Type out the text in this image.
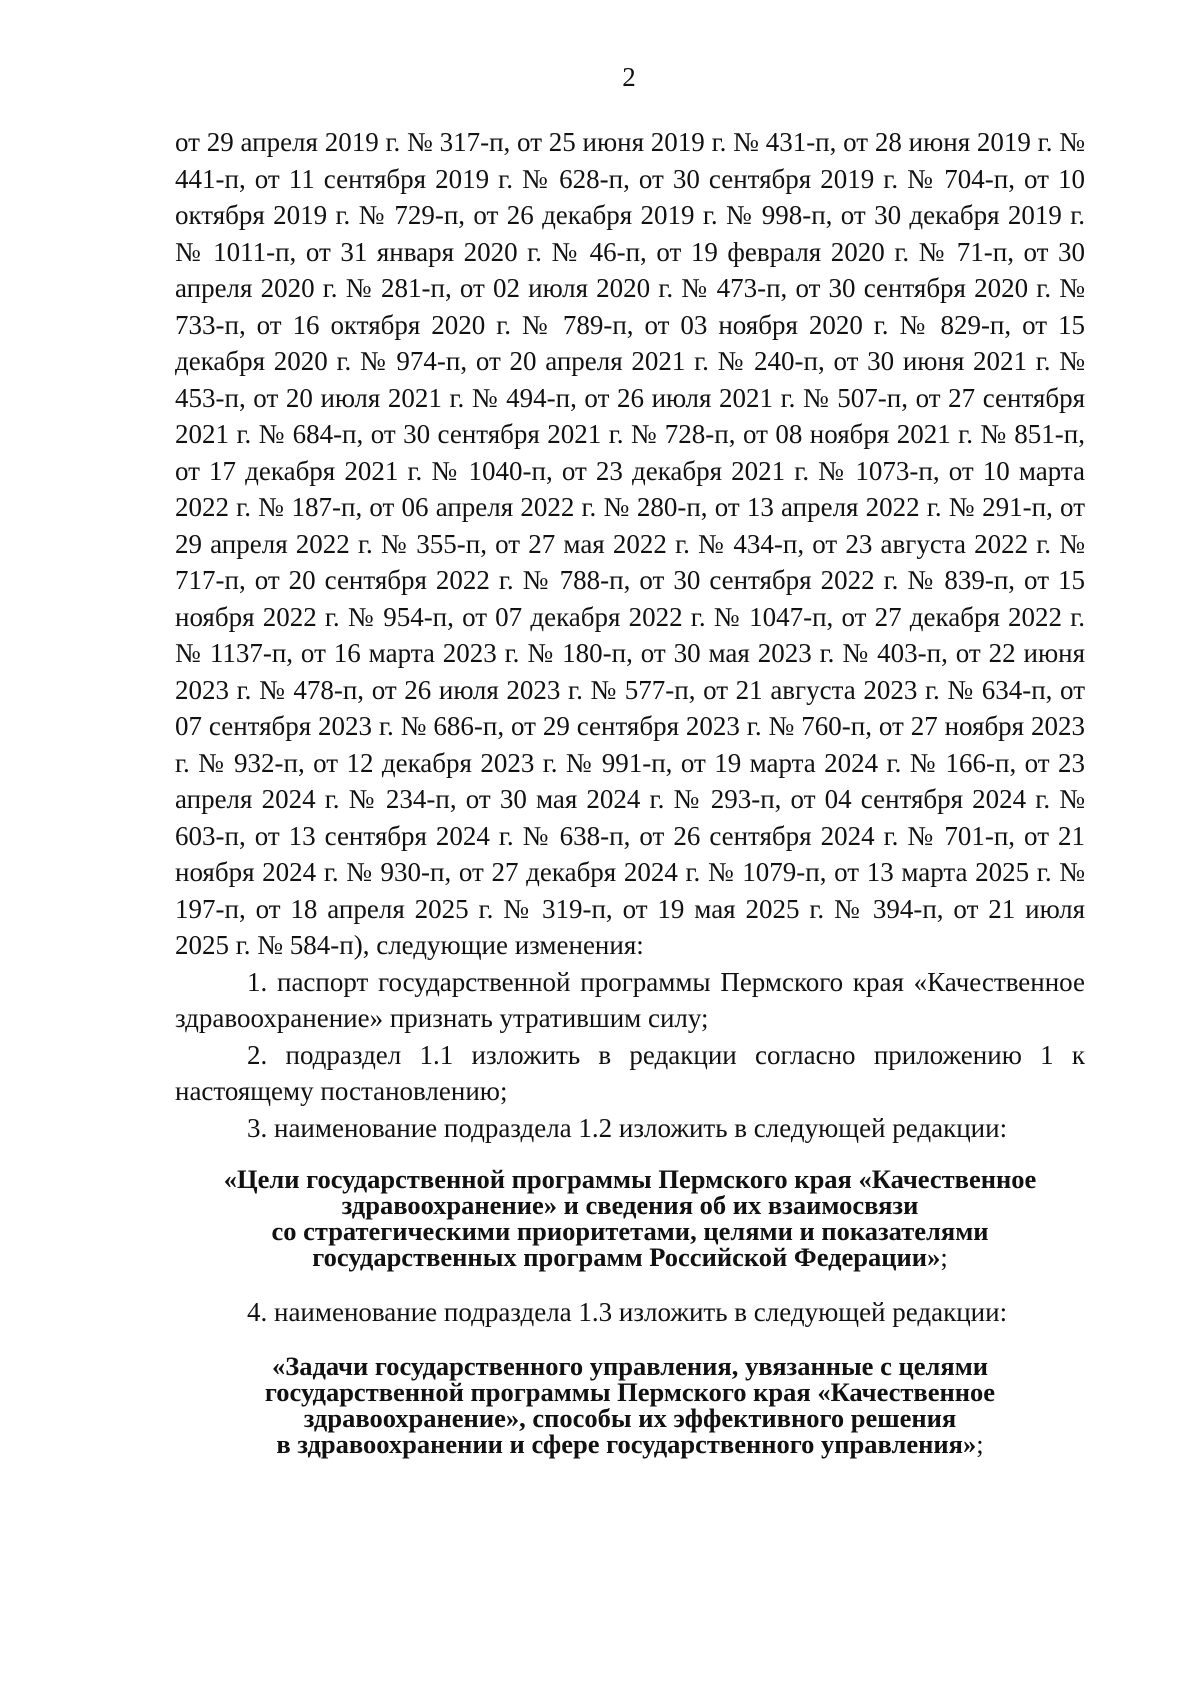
2

от 29 апреля 2019 г. № 317-п, от 25 июня 2019 г. № 431-п, от 28 июня 2019 г. № 441-п, от 11 сентября 2019 г. № 628-п, от 30 сентября 2019 г. № 704-п, от 10 октября 2019 г. № 729-п, от 26 декабря 2019 г. № 998-п, от 30 декабря 2019 г. № 1011-п, от 31 января 2020 г. № 46-п, от 19 февраля 2020 г. № 71-п, от 30 апреля 2020 г. № 281-п, от 02 июля 2020 г. № 473-п, от 30 сентября 2020 г. № 733-п, от 16 октября 2020 г. № 789-п, от 03 ноября 2020 г. № 829-п, от 15 декабря 2020 г. № 974-п, от 20 апреля 2021 г. № 240-п, от 30 июня 2021 г. № 453-п, от 20 июля 2021 г. № 494-п, от 26 июля 2021 г. № 507-п, от 27 сентября 2021 г. № 684-п, от 30 сентября 2021 г. № 728-п, от 08 ноября 2021 г. № 851-п, от 17 декабря 2021 г. № 1040-п, от 23 декабря 2021 г. № 1073-п, от 10 марта 2022 г. № 187-п, от 06 апреля 2022 г. № 280-п, от 13 апреля 2022 г. № 291-п, от 29 апреля 2022 г. № 355-п, от 27 мая 2022 г. № 434-п, от 23 августа 2022 г. № 717-п, от 20 сентября 2022 г. № 788-п, от 30 сентября 2022 г. № 839-п, от 15 ноября 2022 г. № 954-п, от 07 декабря 2022 г. № 1047-п, от 27 декабря 2022 г. № 1137-п, от 16 марта 2023 г. № 180-п, от 30 мая 2023 г. № 403-п, от 22 июня 2023 г. № 478-п, от 26 июля 2023 г. № 577-п, от 21 августа 2023 г. № 634-п, от 07 сентября 2023 г. № 686-п, от 29 сентября 2023 г. № 760-п, от 27 ноября 2023 г. № 932-п, от 12 декабря 2023 г. № 991-п, от 19 марта 2024 г. № 166-п, от 23 апреля 2024 г. № 234-п, от 30 мая 2024 г. № 293-п, от 04 сентября 2024 г. № 603-п, от 13 сентября 2024 г. № 638-п, от 26 сентября 2024 г. № 701-п, от 21 ноября 2024 г. № 930-п, от 27 декабря 2024 г. № 1079-п, от 13 марта 2025 г. № 197-п, от 18 апреля 2025 г. № 319-п, от 19 мая 2025 г. № 394-п, от 21 июля 2025 г. № 584-п), следующие изменения:

1. паспорт государственной программы Пермского края «Качественное здравоохранение» признать утратившим силу;

2. подраздел 1.1 изложить в редакции согласно приложению 1 к настоящему постановлению;

3. наименование подраздела 1.2 изложить в следующей редакции:

«Цели государственной программы Пермского края «Качественное
здравоохранение» и сведения об их взаимосвязи
со стратегическими приоритетами, целями и показателями
государственных программ Российской Федерации»;

4. наименование подраздела 1.3 изложить в следующей редакции:

«Задачи государственного управления, увязанные с целями
государственной программы Пермского края «Качественное
здравоохранение», способы их эффективного решения
в здравоохранении и сфере государственного управления»;
